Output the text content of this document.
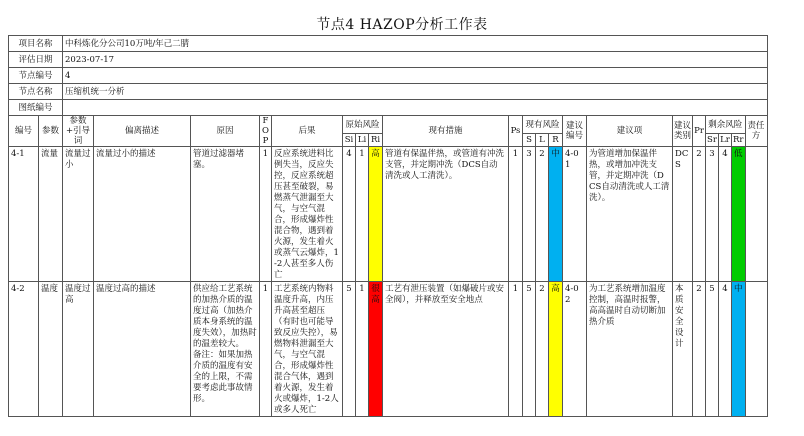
节点4 HAZOP分析工作表
项目名称		中科炼化分公司10万吨/年己二腈																				
评估日期		2023-07-17																				
节点编号		4																				
节点名称		压缩机统一分析																				
图纸编号																						
编号	参数	参数+引导词	偏离描述	原因	FO P	后果	原始风险			现有措施	Ps	现有风险			建议编号	建议项	建议类别	Pr	剩余风险			责任方
							Si	Li	Ri			S	L	R					Sr	Lr	Rr	
4-1	流量	流量过小	流量过小的描述	管道过滤器堵塞。	1	反应系统进料比例失当，反应失控，反应系统超压甚至破裂，易燃蒸气泄漏至大气，与空气混合，形成爆炸性混合物，遇到着火源，发生着火或蒸气云爆炸，1-2人甚至多人伤亡	4	1	高	管道有保温伴热，或管道有冲洗支管，并定期冲洗（DCS自动清洗或人工清洗）。	1	3	2	中	4-01	为管道增加保温伴热，或增加冲洗支管，并定期冲洗（DCS自动清洗或人工清洗）。	DCS	2	3	4	低	
4-2	温度	温度过高	温度过高的描述	供应给工艺系统的加热介质的温度过高（加热介质本身系统的温度失效），加热时的温差较大。
备注：如果加热介质的温度有安全的上限，不需要考虑此事故情形。	1	工艺系统内物料温度升高，内压升高甚至超压（有时也可能导致反应失控），易燃物料泄漏至大气，与空气混合，形成爆炸性混合气体，遇到着火源，发生着火或爆炸，1-2人或多人死亡	5	1	很高	工艺有泄压装置（如爆破片或安全阀），并释放至安全地点	1	5	2	高	4-02	为工艺系统增加温度控制，高温时报警，高高温时自动切断加热介质	本质安全设计	2	5	4	中	
